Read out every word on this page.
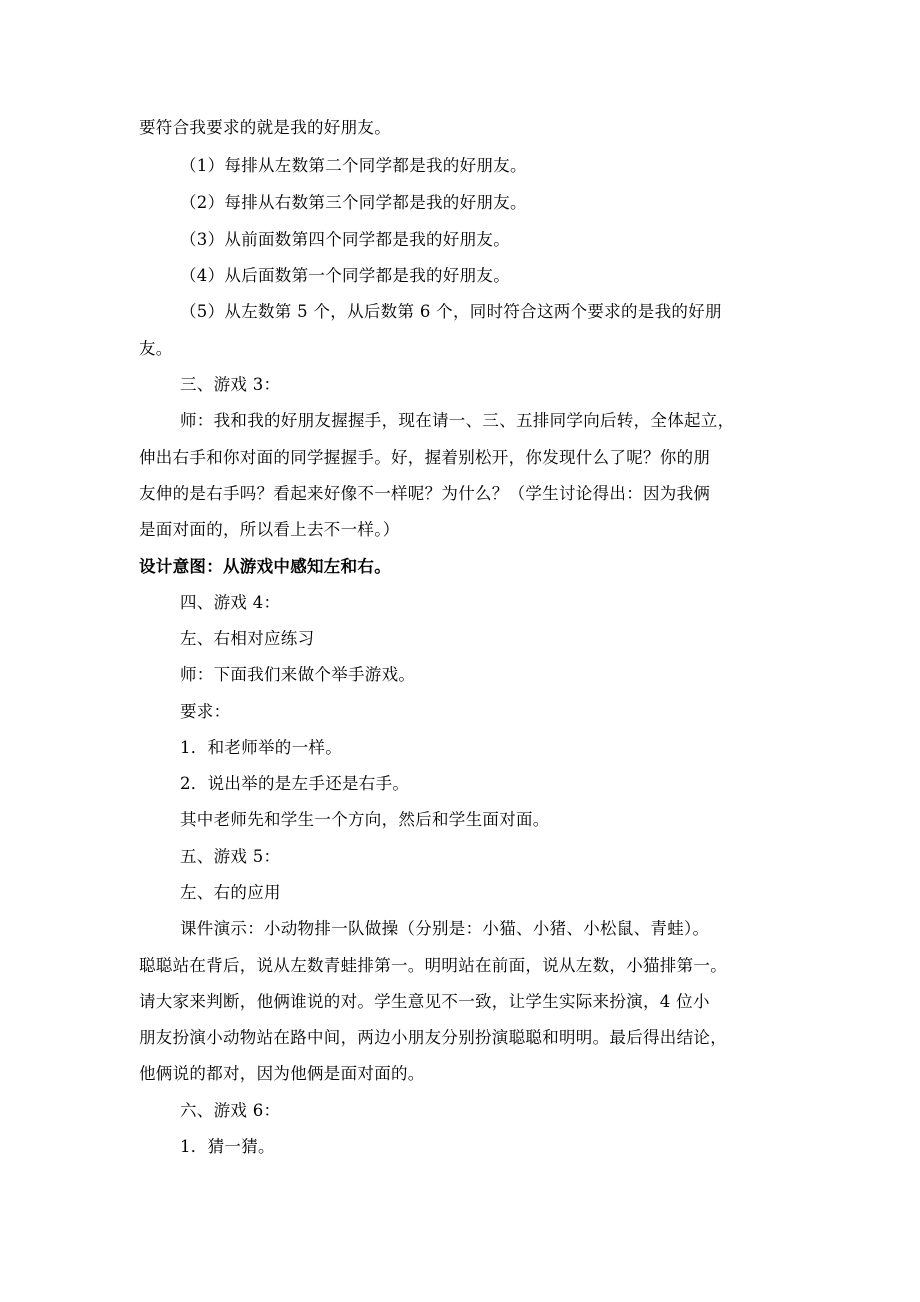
要符合我要求的就是我的好朋友。
（1）每排从左数第二个同学都是我的好朋友。
（2）每排从右数第三个同学都是我的好朋友。
（3）从前面数第四个同学都是我的好朋友。
（4）从后面数第一个同学都是我的好朋友。
（5）从左数第 5 个，从后数第 6 个，同时符合这两个要求的是我的好朋
友。
三、游戏 3：
师：我和我的好朋友握握手，现在请一、三、五排同学向后转，全体起立，
伸出右手和你对面的同学握握手。好，握着别松开，你发现什么了呢？你的朋
友伸的是右手吗？看起来好像不一样呢？为什么？（学生讨论得出：因为我俩
是面对面的，所以看上去不一样。）
设计意图：从游戏中感知左和右。
四、游戏 4：
左、右相对应练习
师：下面我们来做个举手游戏。
要求：
1．和老师举的一样。
2．说出举的是左手还是右手。
其中老师先和学生一个方向，然后和学生面对面。
五、游戏 5：
左、右的应用
课件演示：小动物排一队做操（分别是：小猫、小猪、小松鼠、青蛙）。
聪聪站在背后，说从左数青蛙排第一。明明站在前面，说从左数，小猫排第一。
请大家来判断，他俩谁说的对。学生意见不一致，让学生实际来扮演，4 位小
朋友扮演小动物站在路中间，两边小朋友分别扮演聪聪和明明。最后得出结论，
他俩说的都对，因为他俩是面对面的。
六、游戏 6：
1．猜一猜。
